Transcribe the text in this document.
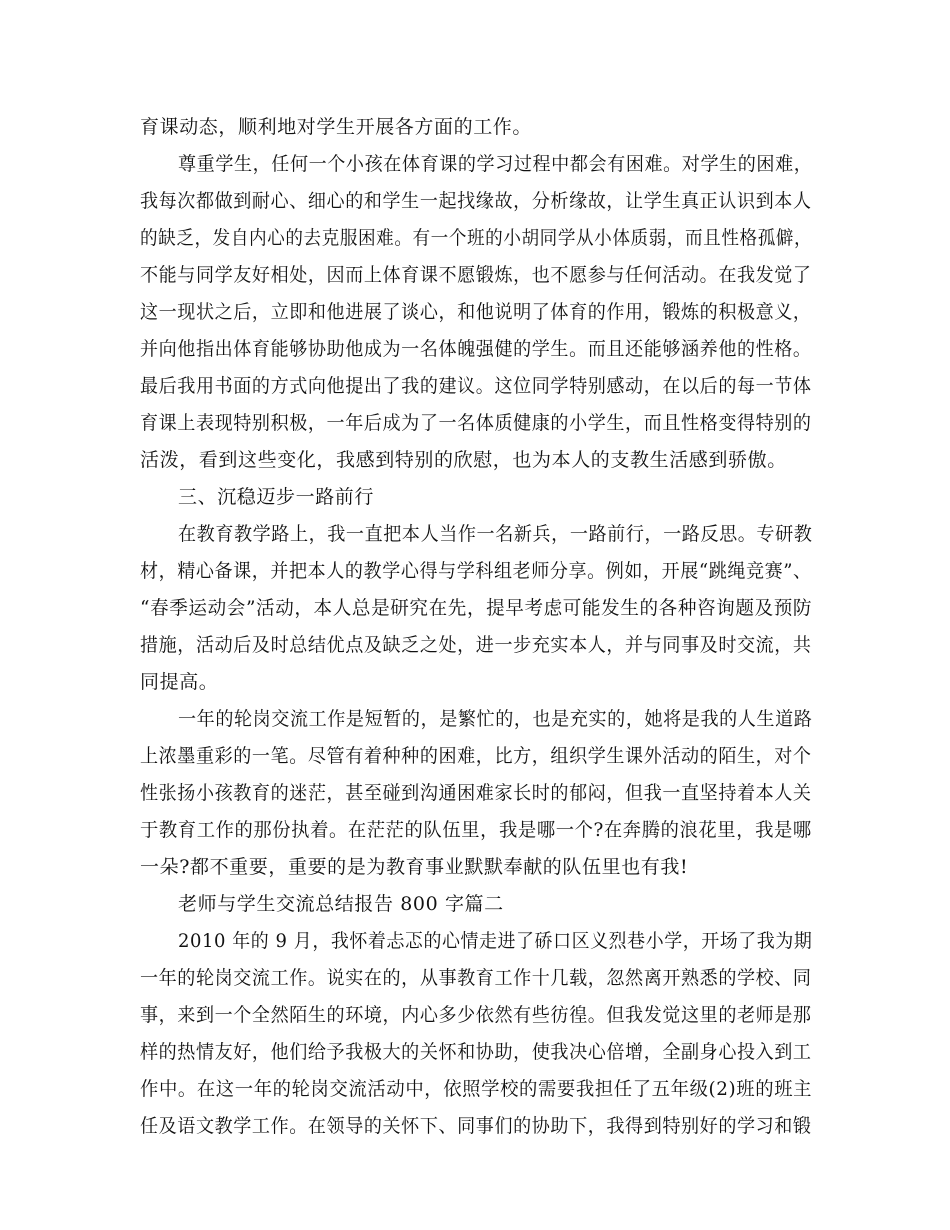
育课动态，顺利地对学生开展各方面的工作。
尊重学生，任何一个小孩在体育课的学习过程中都会有困难。对学生的困难，
我每次都做到耐心、细心的和学生一起找缘故，分析缘故，让学生真正认识到本人
的缺乏，发自内心的去克服困难。有一个班的小胡同学从小体质弱，而且性格孤僻，
不能与同学友好相处，因而上体育课不愿锻炼，也不愿参与任何活动。在我发觉了
这一现状之后，立即和他进展了谈心，和他说明了体育的作用，锻炼的积极意义，
并向他指出体育能够协助他成为一名体魄强健的学生。而且还能够涵养他的性格。
最后我用书面的方式向他提出了我的建议。这位同学特别感动，在以后的每一节体
育课上表现特别积极，一年后成为了一名体质健康的小学生，而且性格变得特别的
活泼，看到这些变化，我感到特别的欣慰，也为本人的支教生活感到骄傲。
三、沉稳迈步一路前行
在教育教学路上，我一直把本人当作一名新兵，一路前行，一路反思。专研教
材，精心备课，并把本人的教学心得与学科组老师分享。例如，开展“跳绳竞赛”、
“春季运动会”活动，本人总是研究在先，提早考虑可能发生的各种咨询题及预防
措施，活动后及时总结优点及缺乏之处，进一步充实本人，并与同事及时交流，共
同提高。
一年的轮岗交流工作是短暂的，是繁忙的，也是充实的，她将是我的人生道路
上浓墨重彩的一笔。尽管有着种种的困难，比方，组织学生课外活动的陌生，对个
性张扬小孩教育的迷茫，甚至碰到沟通困难家长时的郁闷，但我一直坚持着本人关
于教育工作的那份执着。在茫茫的队伍里，我是哪一个?在奔腾的浪花里，我是哪
一朵?都不重要，重要的是为教育事业默默奉献的队伍里也有我!
老师与学生交流总结报告 800 字篇二
2010 年的 9 月，我怀着忐忑的心情走进了硚口区义烈巷小学，开场了我为期
一年的轮岗交流工作。说实在的，从事教育工作十几载，忽然离开熟悉的学校、同
事，来到一个全然陌生的环境，内心多少依然有些彷徨。但我发觉这里的老师是那
样的热情友好，他们给予我极大的关怀和协助，使我决心倍增，全副身心投入到工
作中。在这一年的轮岗交流活动中，依照学校的需要我担任了五年级(2)班的班主
任及语文教学工作。在领导的关怀下、同事们的协助下，我得到特别好的学习和锻
